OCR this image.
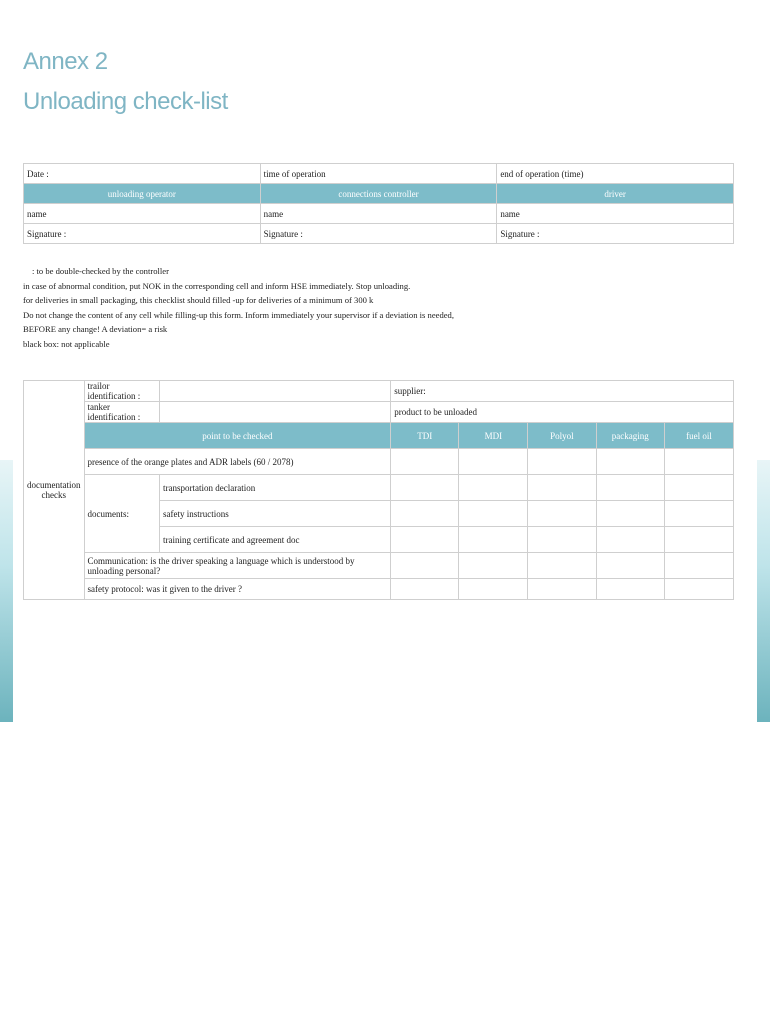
Annex 2
Unloading check-list
Date :	time of operation	end of operation (time)
unloading operator	connections controller	driver
name	name	name
Signature :	Signature :	Signature :
: to be double-checked by the controller
in case of abnormal condition, put NOK in the corresponding cell and inform HSE immediately. Stop unloading.
for deliveries in small packaging, this checklist should filled -up for deliveries of a minimum of 300 k
Do not change the content of any cell while filling-up this form. Inform immediately your supervisor if a deviation is needed,
BEFORE any change! A deviation= a risk
black box: not applicable
documentation checks	trailor identification :		supplier:				
	tanker identification :		product to be unloaded				
	point to be checked		TDI	MDI	Polyol	packaging	fuel oil
	presence of the orange plates and ADR labels (60 / 2078)						
	documents:	transportation declaration					
		safety instructions					
		training certificate and agreement doc					
	Communication: is the driver speaking a language which is understood by unloading personal?						
	safety protocol: was it given to the driver ?						
